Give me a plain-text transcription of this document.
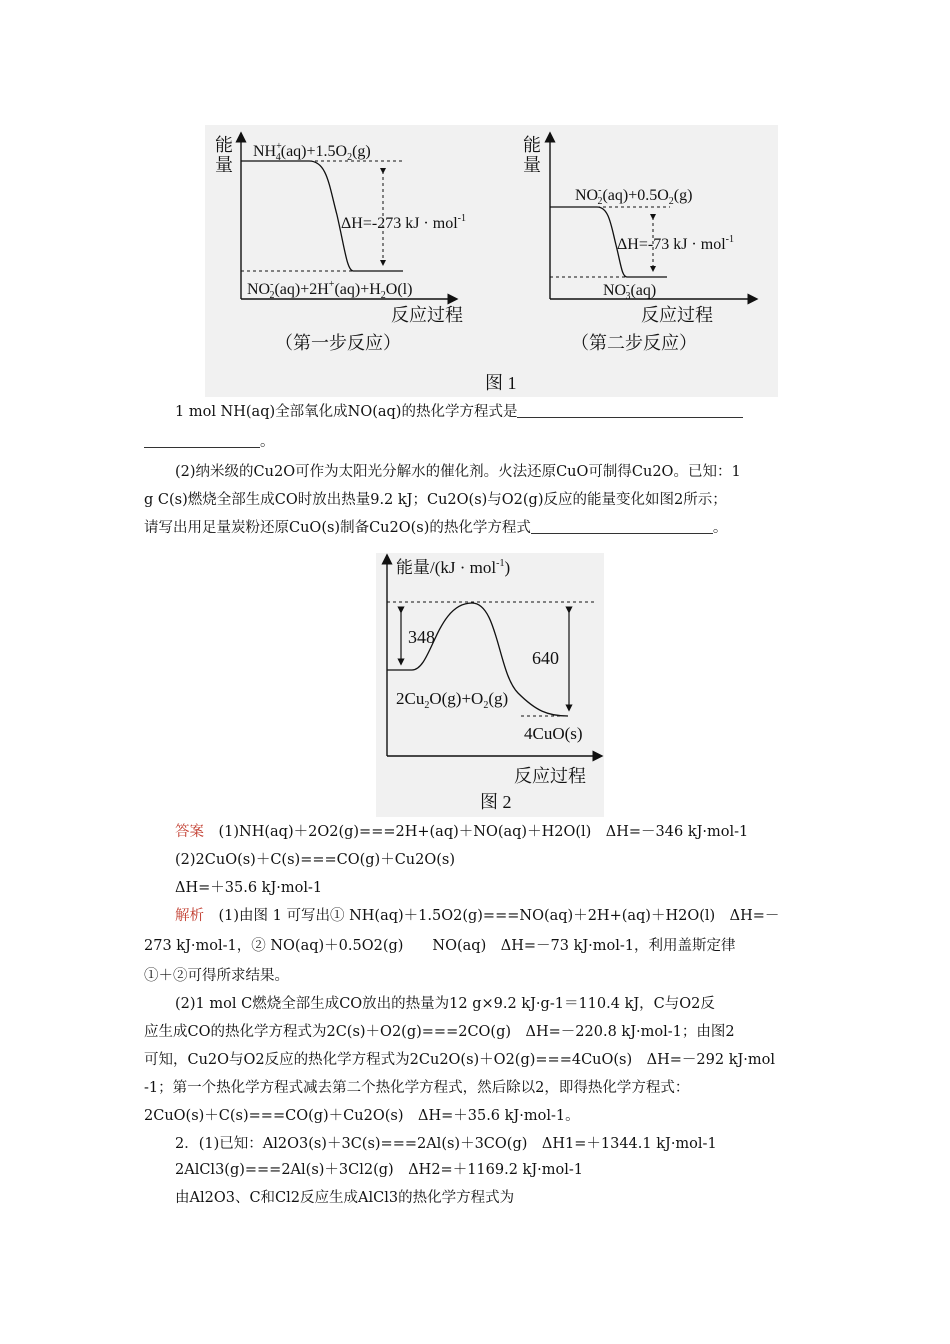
能
量
NH+ $4(aq)+1.5O_2(g)$
ΔH=-273 kJ · mol$^{-1}$
$NO^-2(aq)+2H^+(aq)+H_2O(l)$
反应过程
（第一步反应）
能
量
$NO^-2(aq)+0.5O_2(g)$
ΔH=-73 kJ · mol$^{-1}$
NO-3(aq)
反应过程
（第二步反应）
图 1
1 mol NH(aq)全部氧化成NO(aq)的热化学方程式是
。
(2)纳米级的Cu2O可作为太阳光分解水的催化剂。火法还原CuO可制得Cu2O。已知：1
g C(s)燃烧全部生成CO时放出热量9.2 kJ；Cu2O(s)与O2(g)反应的能量变化如图2所示；
请写出用足量炭粉还原CuO(s)制备Cu2O(s)的热化学方程式	。
能量/(kJ · mol$^{-1}$)
348
640
$2Cu_2O(g)+O_2(g)$
4CuO(s)
反应过程
图 2
答案　 (1)NH(aq)＋2O2(g)===2H+(aq)＋NO(aq)＋H2O(l)　ΔH=－346 kJ·mol-1
(2)2CuO(s)＋C(s)===CO(g)＋Cu2O(s)
ΔH=＋35.6 kJ·mol-1
解析　 (1)由图 1 可写出① NH(aq)＋1.5O2(g)===NO(aq)＋2H+(aq)＋H2O(l)　ΔH=－
273 kJ·mol-1，② NO(aq)＋0.5O2(g)　　NO(aq)　ΔH=－73 kJ·mol-1，利用盖斯定律
①＋②可得所求结果。
(2)1 mol C燃烧全部生成CO放出的热量为12 g×9.2 kJ·g-1＝110.4 kJ，C与O2反
应生成CO的热化学方程式为2C(s)＋O2(g)===2CO(g)　ΔH=－220.8 kJ·mol-1；由图2
可知，Cu2O与O2反应的热化学方程式为2Cu2O(s)＋O2(g)===4CuO(s)　ΔH=－292 kJ·mol
-1；第一个热化学方程式减去第二个热化学方程式，然后除以2，即得热化学方程式：
2CuO(s)＋C(s)===CO(g)＋Cu2O(s)　ΔH=＋35.6 kJ·mol-1。
2．(1)已知：Al2O3(s)＋3C(s)===2Al(s)＋3CO(g)　ΔH1=＋1344.1 kJ·mol-1
2AlCl3(g)===2Al(s)＋3Cl2(g)　ΔH2=＋1169.2 kJ·mol-1
由Al2O3、C和Cl2反应生成AlCl3的热化学方程式为
